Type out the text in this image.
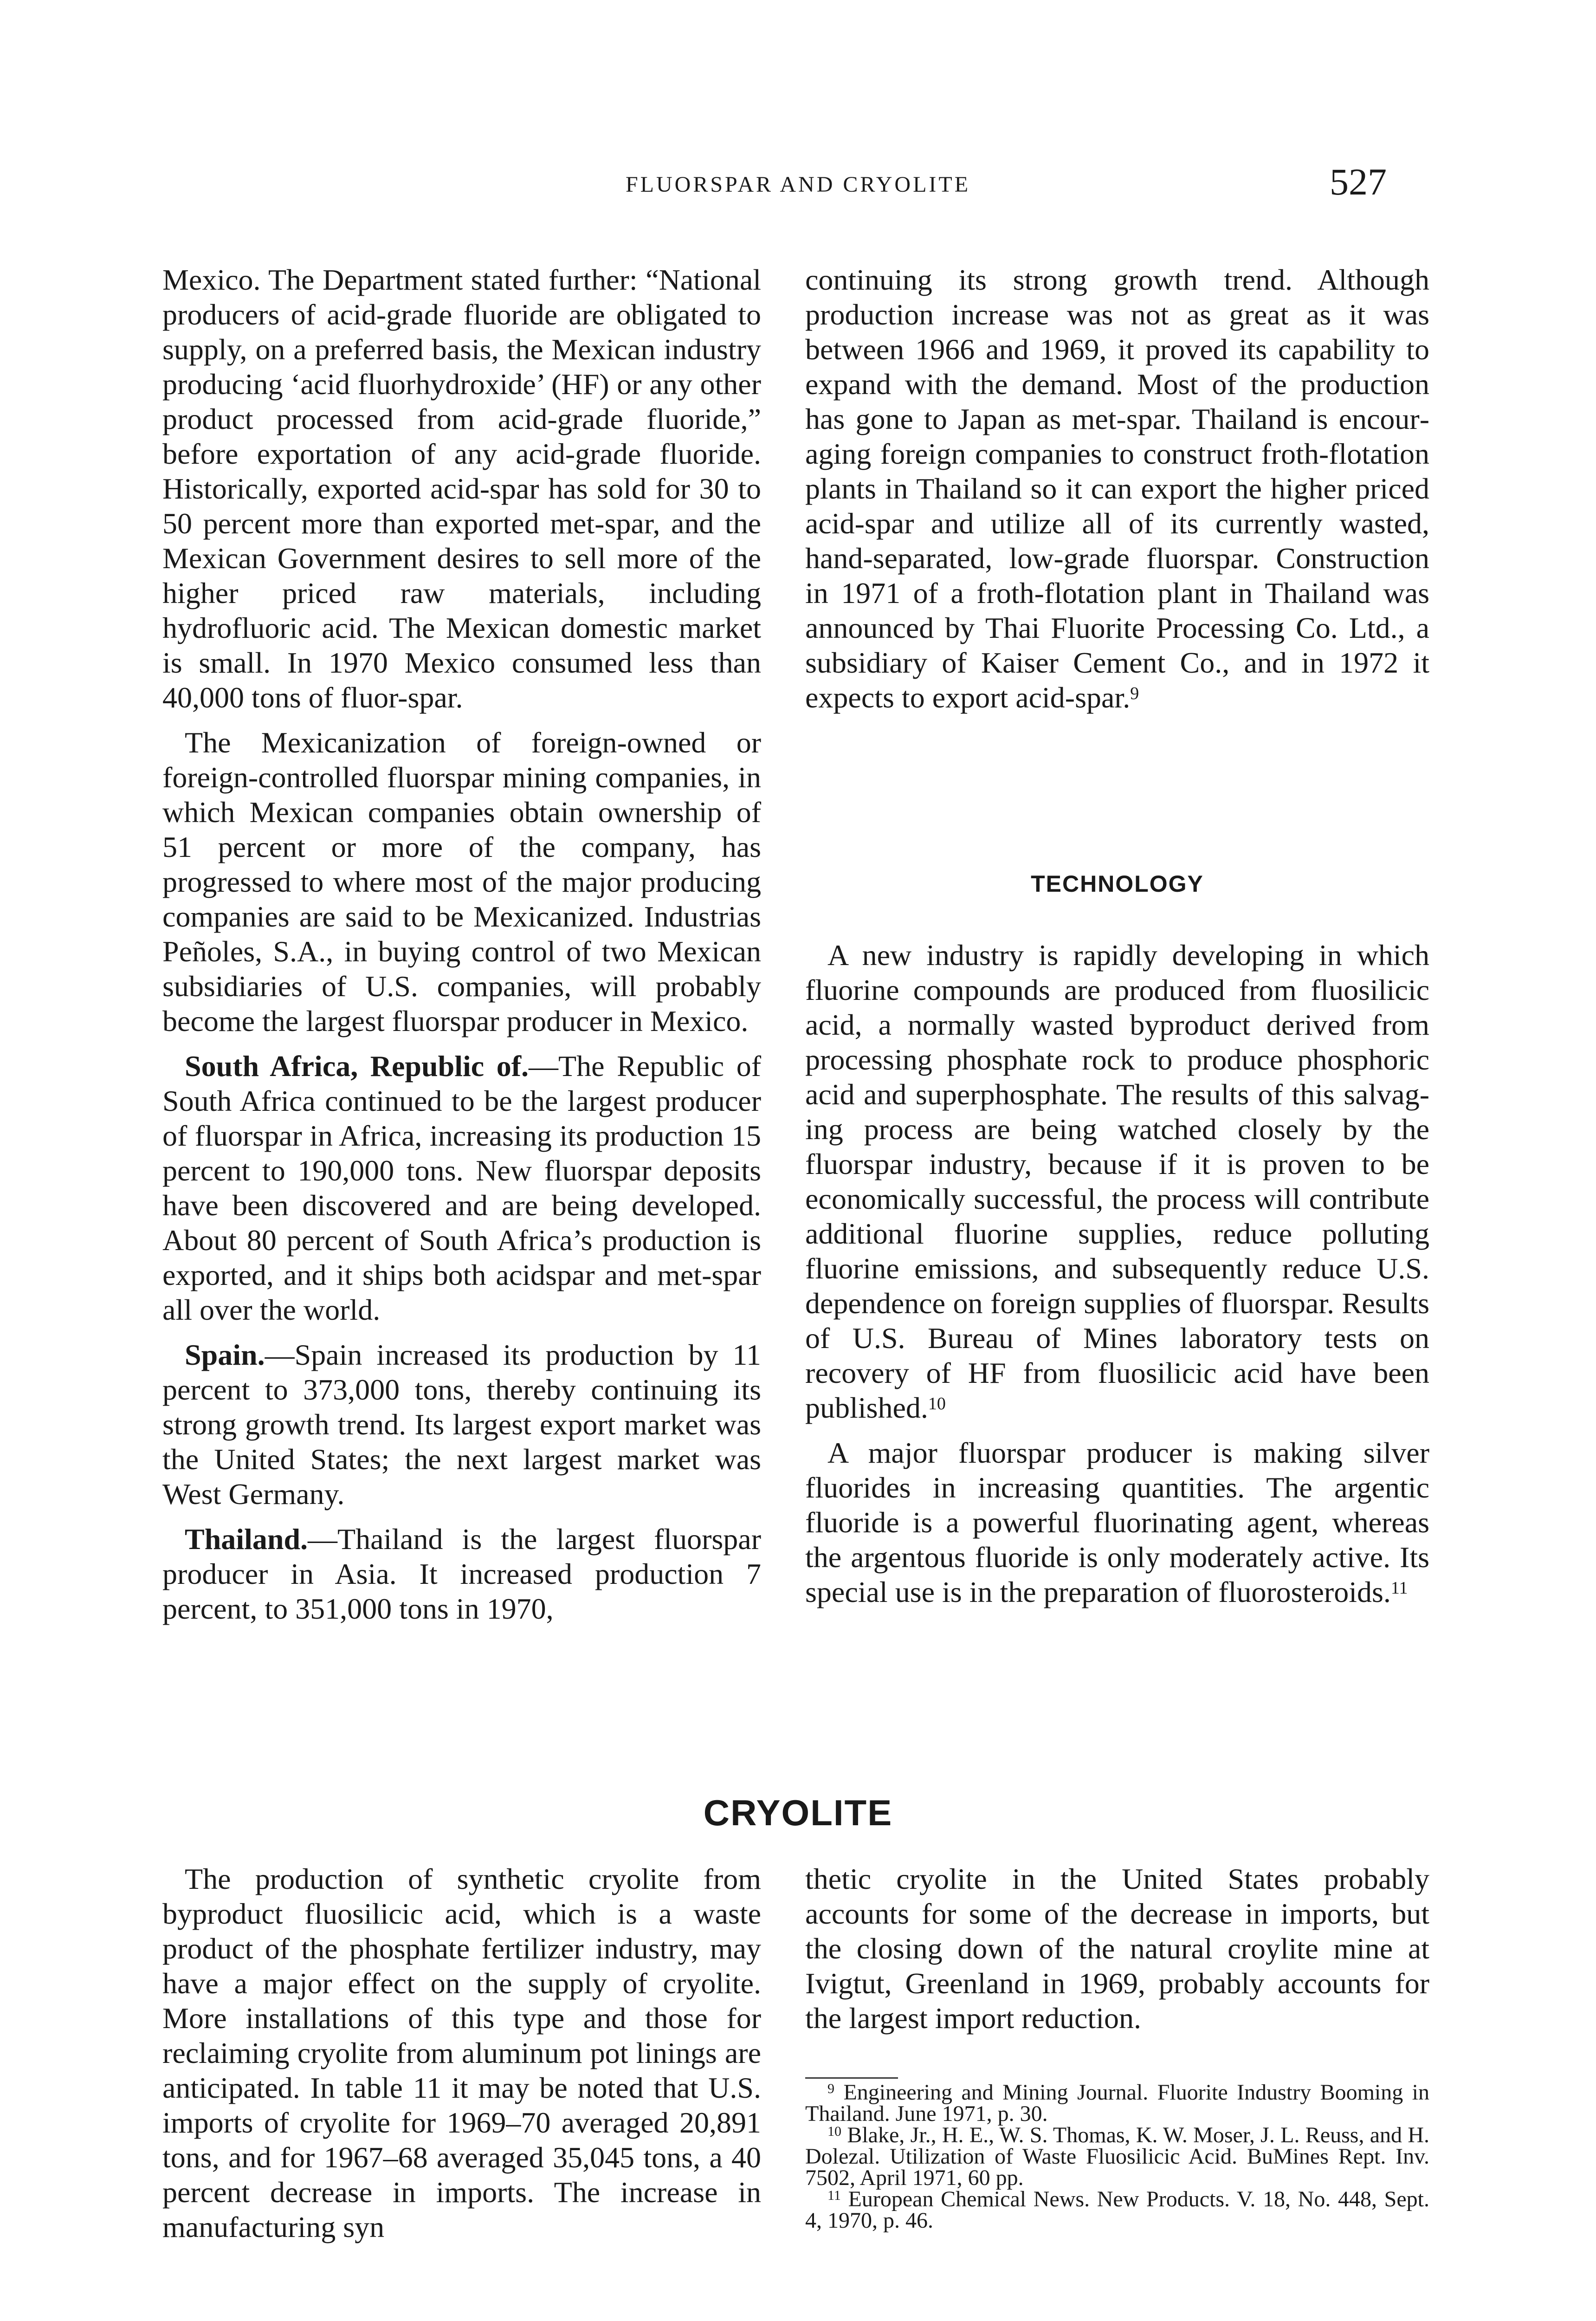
FLUORSPAR AND CRYOLITE	527

Mexico. The Department stated further: “National producers of acid-grade fluoride are obligated to supply, on a preferred basis, the Mexican industry producing ‘acid fluorhydroxide’ (HF) or any other product processed from acid-grade fluoride,” before exportation of any acid-grade fluoride. Historically, exported acid-spar has sold for 30 to 50 percent more than exported met-spar, and the Mexican Government desires to sell more of the higher priced raw materials, including hydrofluoric acid. The Mexican domestic market is small. In 1970 Mexico consumed less than 40,000 tons of fluor-spar.

The Mexicanization of foreign-owned or foreign-controlled fluorspar mining companies, in which Mexican companies obtain ownership of 51 percent or more of the company, has progressed to where most of the major producing companies are said to be Mexicanized. Industrias Peñoles, S.A., in buying control of two Mexican subsidiaries of U.S. companies, will probably become the largest fluorspar producer in Mexico.

South Africa, Republic of.—The Republic of South Africa continued to be the largest producer of fluorspar in Africa, increasing its production 15 percent to 190,000 tons. New fluorspar deposits have been discovered and are being developed. About 80 percent of South Africa’s production is exported, and it ships both acidspar and met-spar all over the world.

Spain.—Spain increased its production by 11 percent to 373,000 tons, thereby continuing its strong growth trend. Its largest export market was the United States; the next largest market was West Germany.

Thailand.—Thailand is the largest fluorspar producer in Asia. It increased production 7 percent, to 351,000 tons in 1970,

continuing its strong growth trend. Although production increase was not as great as it was between 1966 and 1969, it proved its capability to expand with the demand. Most of the production has gone to Japan as met-spar. Thailand is encouraging foreign companies to construct froth-flotation plants in Thailand so it can export the higher priced acid-spar and utilize all of its currently wasted, hand-separated, low-grade fluorspar. Construction in 1971 of a froth-flotation plant in Thailand was announced by Thai Fluorite Processing Co. Ltd., a subsidiary of Kaiser Cement Co., and in 1972 it expects to export acid-spar.$^9$

TECHNOLOGY

A new industry is rapidly developing in which fluorine compounds are produced from fluosilicic acid, a normally wasted byproduct derived from processing phosphate rock to produce phosphoric acid and superphosphate. The results of this salvaging process are being watched closely by the fluorspar industry, because if it is proven to be economically successful, the process will contribute additional fluorine supplies, reduce polluting fluorine emissions, and subsequently reduce U.S. dependence on foreign supplies of fluorspar. Results of U.S. Bureau of Mines laboratory tests on recovery of HF from fluosilicic acid have been published.$^{10}$

A major fluorspar producer is making silver fluorides in increasing quantities. The argentic fluoride is a powerful fluorinating agent, whereas the argentous fluoride is only moderately active. Its special use is in the preparation of fluorosteroids.$^{11}$

CRYOLITE

The production of synthetic cryolite from byproduct fluosilicic acid, which is a waste product of the phosphate fertilizer industry, may have a major effect on the supply of cryolite. More installations of this type and those for reclaiming cryolite from aluminum pot linings are anticipated. In table 11 it may be noted that U.S. imports of cryolite for 1969–70 averaged 20,891 tons, and for 1967–68 averaged 35,045 tons, a 40 percent decrease in imports. The increase in manufacturing syn

thetic cryolite in the United States probably accounts for some of the decrease in imports, but the closing down of the natural croylite mine at Ivigtut, Greenland in 1969, probably accounts for the largest import reduction.

$^9$ Engineering and Mining Journal. Fluorite Industry Booming in Thailand. June 1971, p. 30.

$^{10}$ Blake, Jr., H. E., W. S. Thomas, K. W. Moser, J. L. Reuss, and H. Dolezal. Utilization of Waste Fluosilicic Acid. BuMines Rept. Inv. 7502, April 1971, 60 pp.

$^{11}$ European Chemical News. New Products. V. 18, No. 448, Sept. 4, 1970, p. 46.
